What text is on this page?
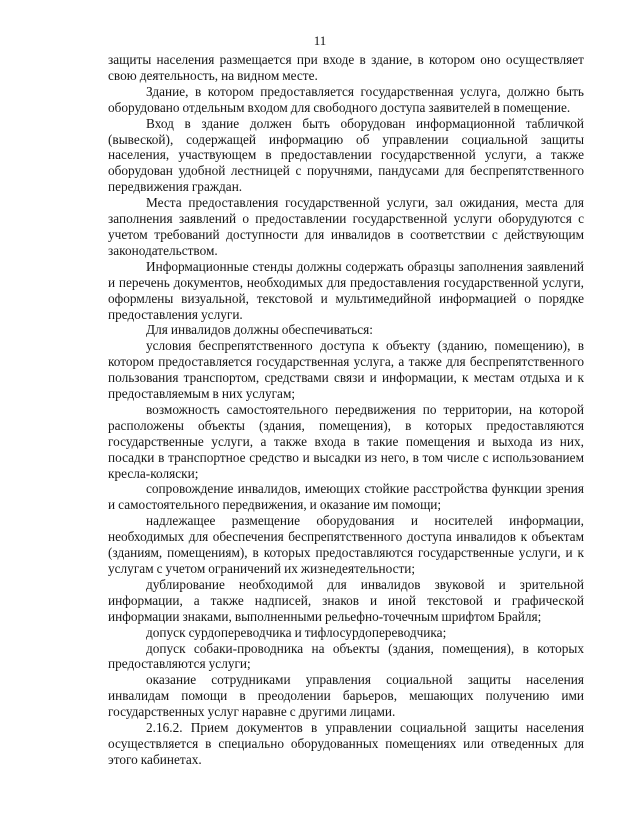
11

защиты населения размещается при входе в здание, в котором оно осуществляет свою деятельность, на видном месте.

Здание, в котором предоставляется государственная услуга, должно быть оборудовано отдельным входом для свободного доступа заявителей в помещение.

Вход в здание должен быть оборудован информационной табличкой (вывеской), содержащей информацию об управлении социальной защиты населения, участвующем в предоставлении государственной услуги, а также оборудован удобной лестницей с поручнями, пандусами для беспрепятственного передвижения граждан.

Места предоставления государственной услуги, зал ожидания, места для заполнения заявлений о предоставлении государственной услуги оборудуются с учетом требований доступности для инвалидов в соответствии с действующим законодательством.

Информационные стенды должны содержать образцы заполнения заявлений и перечень документов, необходимых для предоставления государственной услуги, оформлены визуальной, текстовой и мультимедийной информацией о порядке предоставления услуги.

Для инвалидов должны обеспечиваться:

условия беспрепятственного доступа к объекту (зданию, помещению), в котором предоставляется государственная услуга, а также для беспрепятственного пользования транспортом, средствами связи и информации, к местам отдыха и к предоставляемым в них услугам;

возможность самостоятельного передвижения по территории, на которой расположены объекты (здания, помещения), в которых предоставляются государственные услуги, а также входа в такие помещения и выхода из них, посадки в транспортное средство и высадки из него, в том числе с использованием кресла-коляски;

сопровождение инвалидов, имеющих стойкие расстройства функции зрения и самостоятельного передвижения, и оказание им помощи;

надлежащее размещение оборудования и носителей информации, необходимых для обеспечения беспрепятственного доступа инвалидов к объектам (зданиям, помещениям), в которых предоставляются государственные услуги, и к услугам с учетом ограничений их жизнедеятельности;

дублирование необходимой для инвалидов звуковой и зрительной информации, а также надписей, знаков и иной текстовой и графической информации знаками, выполненными рельефно-точечным шрифтом Брайля;

допуск сурдопереводчика и тифлосурдопереводчика;

допуск собаки-проводника на объекты (здания, помещения), в которых предоставляются услуги;

оказание сотрудниками управления социальной защиты населения инвалидам помощи в преодолении барьеров, мешающих получению ими государственных услуг наравне с другими лицами.

2.16.2. Прием документов в управлении социальной защиты населения осуществляется в специально оборудованных помещениях или отведенных для этого кабинетах.
